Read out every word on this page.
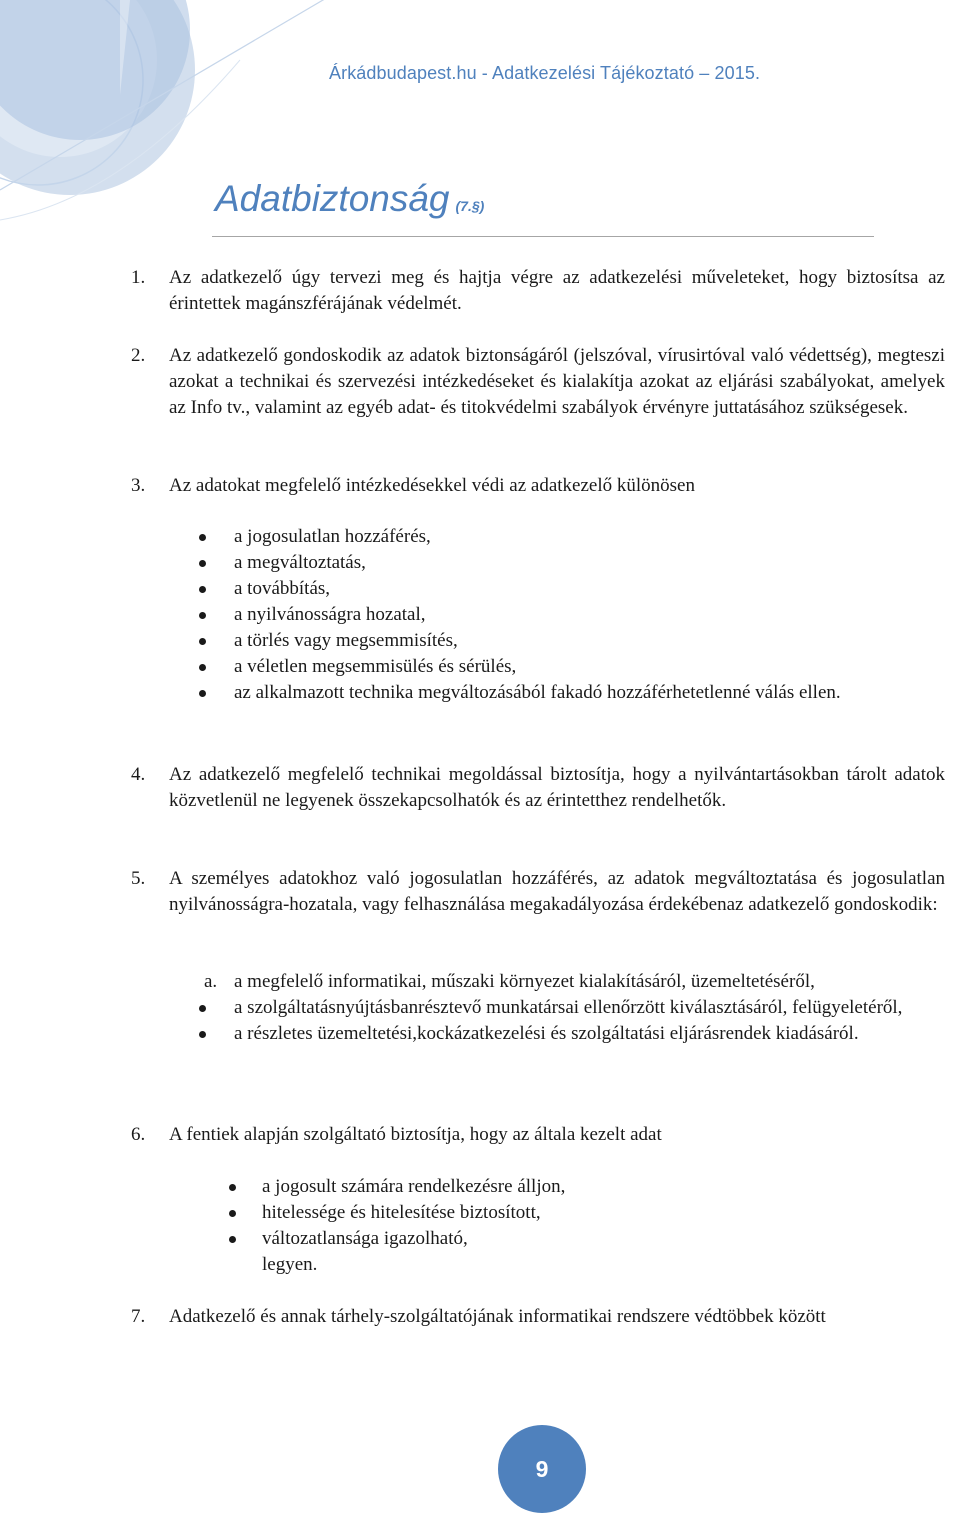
Árkádbudapest.hu - Adatkezelési Tájékoztató – 2015.
Adatbiztonság (7.§)
1. Az adatkezelő úgy tervezi meg és hajtja végre az adatkezelési műveleteket, hogy biztosítsa az érintettek magánszférájának védelmét.
2. Az adatkezelő gondoskodik az adatok biztonságáról (jelszóval, vírusirtóval való védettség), megteszi azokat a technikai és szervezési intézkedéseket és kialakítja azokat az eljárási szabályokat, amelyek az Info tv., valamint az egyéb adat- és titokvédelmi szabályok érvényre juttatásához szükségesek.
3. Az adatokat megfelelő intézkedésekkel védi az adatkezelő különösen
a jogosulatlan hozzáférés,
a megváltoztatás,
a továbbítás,
a nyilvánosságra hozatal,
a törlés vagy megsemmisítés,
a véletlen megsemmisülés és sérülés,
az alkalmazott technika megváltozásából fakadó hozzáférhetetlenné válás ellen.
4. Az adatkezelő megfelelő technikai megoldással biztosítja, hogy a nyilvántartásokban tárolt adatok közvetlenül ne legyenek összekapcsolhatók és az érintetthez rendelhetők.
5. A személyes adatokhoz való jogosulatlan hozzáférés, az adatok megváltoztatása és jogosulatlan nyilvánosságra-hozatala, vagy felhasználása megakadályozása érdekébenaz adatkezelő gondoskodik:
a. a megfelelő informatikai, műszaki környezet kialakításáról, üzemeltetéséről,
a szolgáltatásnyújtásbanrésztevő munkatársai ellenőrzött kiválasztásáról, felügyeletéről,
a részletes üzemeltetési,kockázatkezelési és szolgáltatási eljárásrendek kiadásáról.
6. A fentiek alapján szolgáltató biztosítja, hogy az általa kezelt adat
a jogosult számára rendelkezésre álljon,
hitelessége és hitelesítése biztosított,
változatlansága igazolható,
legyen.
7. Adatkezelő és annak tárhely-szolgáltatójának informatikai rendszere védtöbbek között
9
